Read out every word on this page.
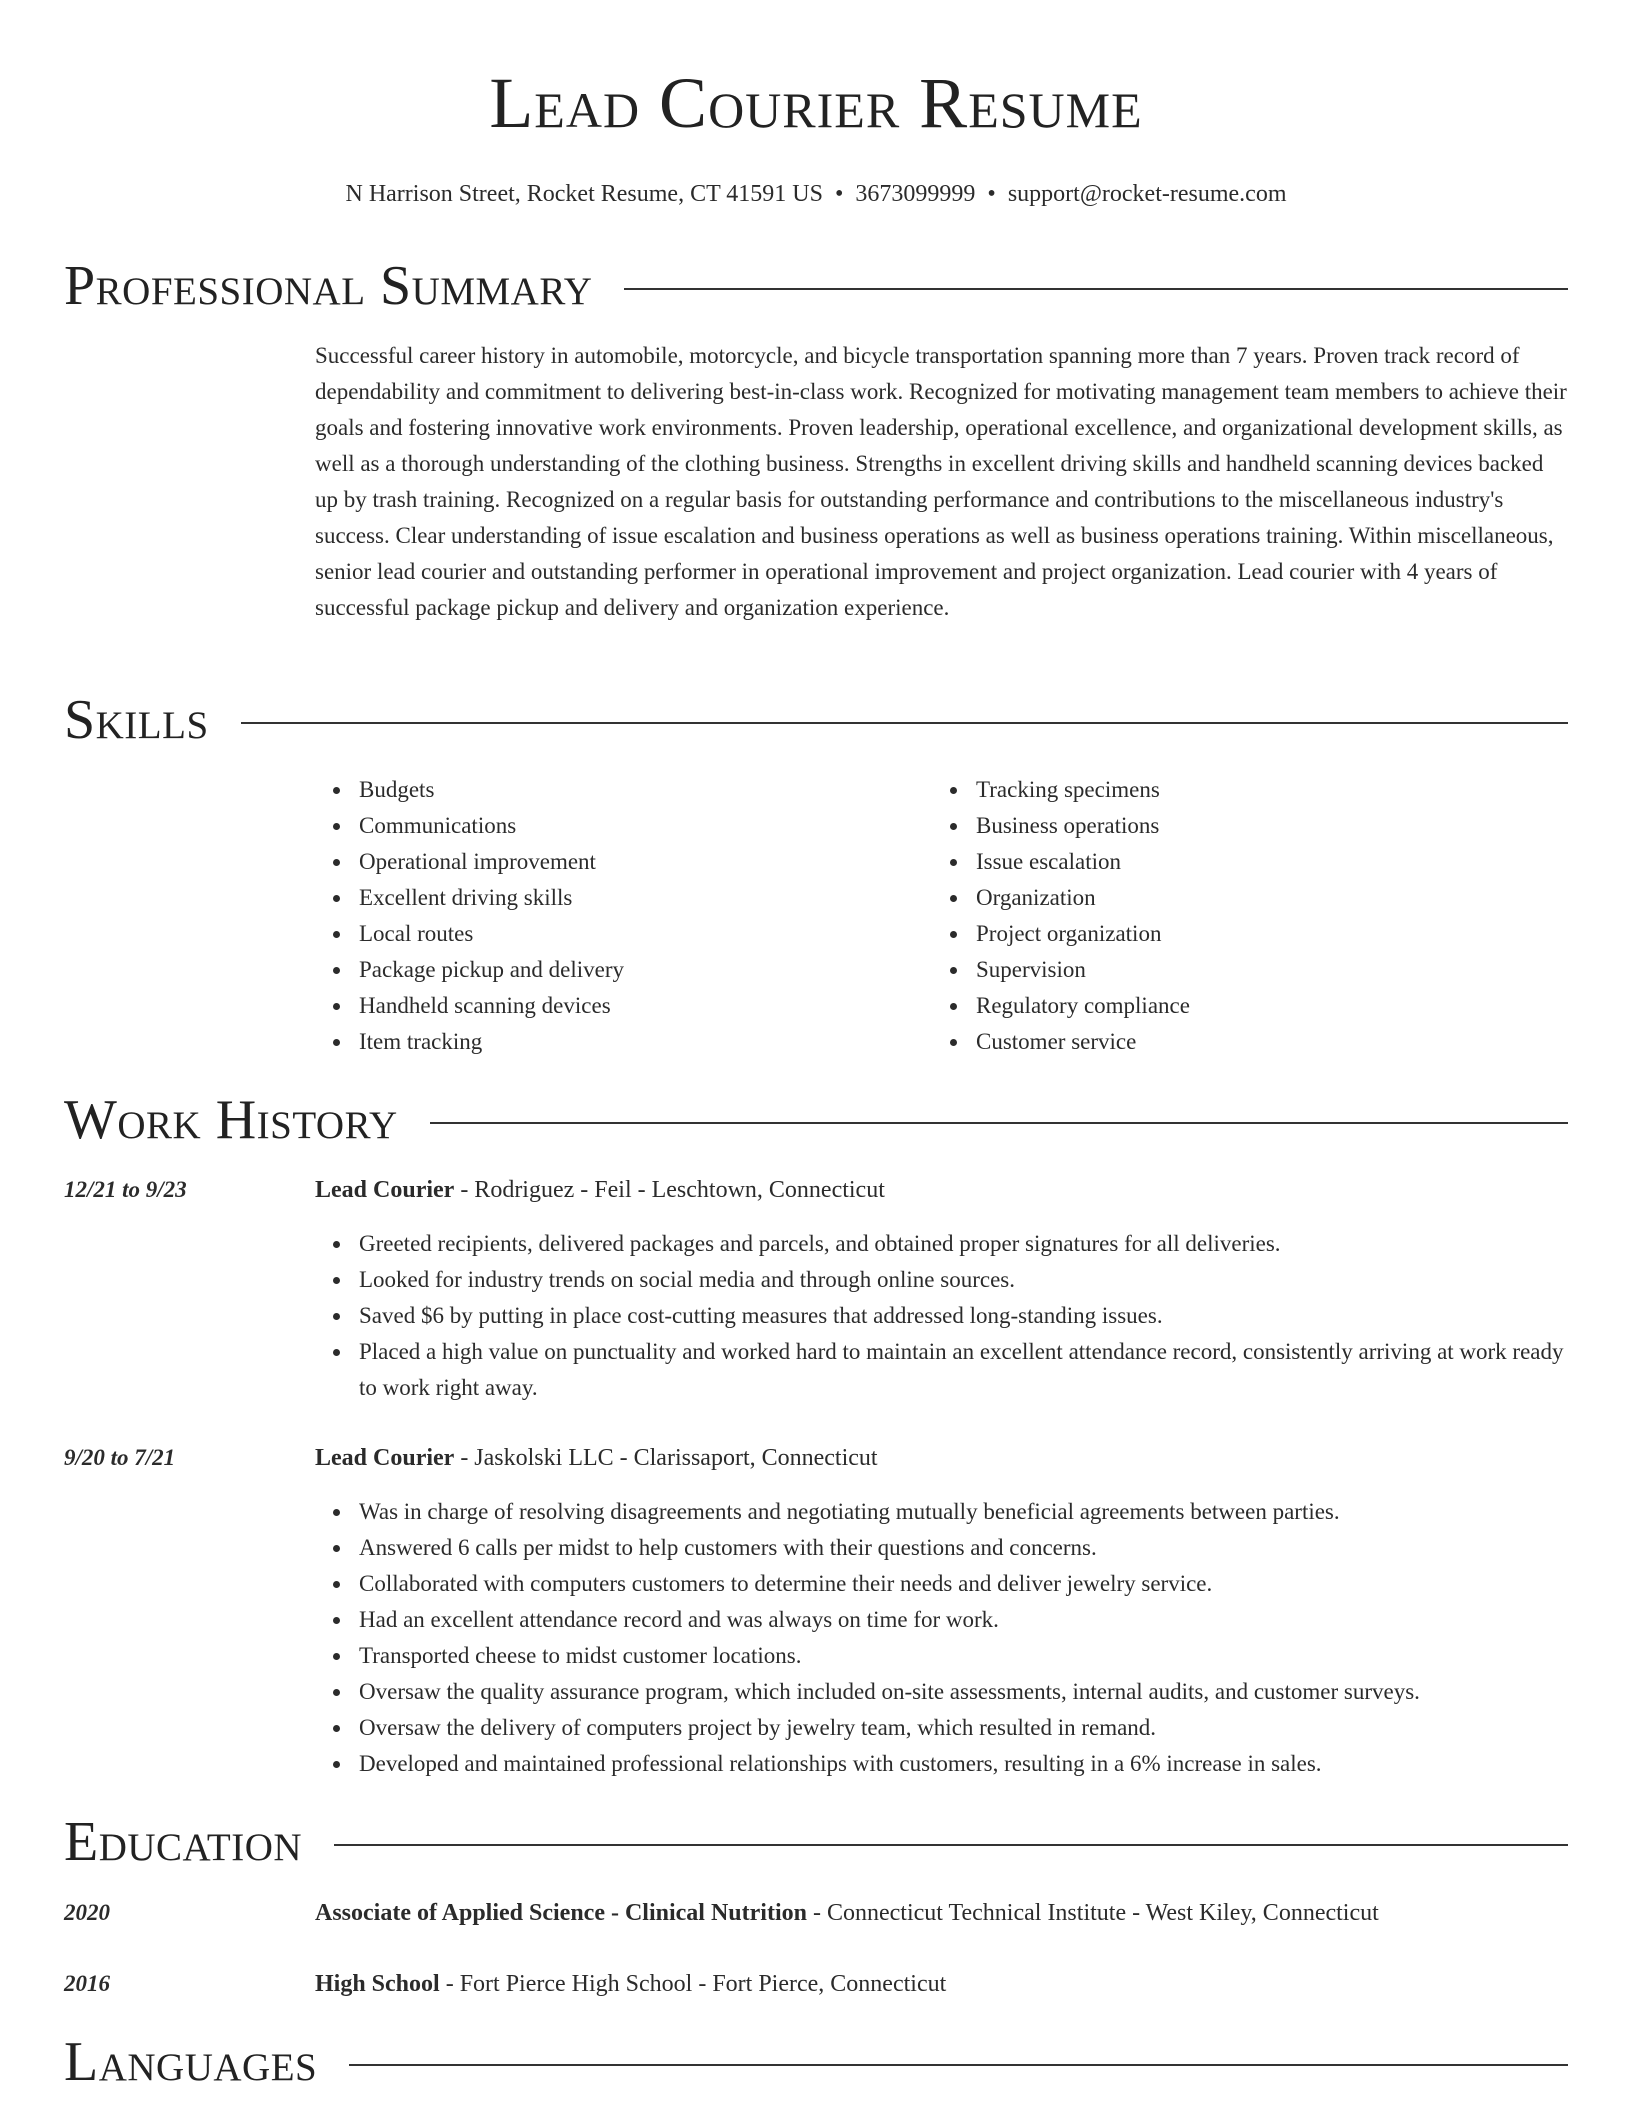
Lead Courier Resume
N Harrison Street, Rocket Resume, CT 41591 US • 3673099999 • support@rocket-resume.com
Professional Summary

Successful career history in automobile, motorcycle, and bicycle transportation spanning more than 7 years. Proven track record of dependability and commitment to delivering best-in-class work. Recognized for motivating management team members to achieve their goals and fostering innovative work environments. Proven leadership, operational excellence, and organizational development skills, as well as a thorough understanding of the clothing business. Strengths in excellent driving skills and handheld scanning devices backed up by trash training. Recognized on a regular basis for outstanding performance and contributions to the miscellaneous industry's success. Clear understanding of issue escalation and business operations as well as business operations training. Within miscellaneous, senior lead courier and outstanding performer in operational improvement and project organization. Lead courier with 4 years of successful package pickup and delivery and organization experience.

Skills
Budgets
Communications
Operational improvement
Excellent driving skills
Local routes
Package pickup and delivery
Handheld scanning devices
Item tracking
Tracking specimens
Business operations
Issue escalation
Organization
Project organization
Supervision
Regulatory compliance
Customer service
Work History
12/21 to 9/23	Lead Courier - Rodriguez - Feil - Leschtown, Connecticut
Greeted recipients, delivered packages and parcels, and obtained proper signatures for all deliveries.
Looked for industry trends on social media and through online sources.
Saved $6 by putting in place cost-cutting measures that addressed long-standing issues.
Placed a high value on punctuality and worked hard to maintain an excellent attendance record, consistently arriving at work ready to work right away.
9/20 to 7/21	Lead Courier - Jaskolski LLC - Clarissaport, Connecticut
Was in charge of resolving disagreements and negotiating mutually beneficial agreements between parties.
Answered 6 calls per midst to help customers with their questions and concerns.
Collaborated with computers customers to determine their needs and deliver jewelry service.
Had an excellent attendance record and was always on time for work.
Transported cheese to midst customer locations.
Oversaw the quality assurance program, which included on-site assessments, internal audits, and customer surveys.
Oversaw the delivery of computers project by jewelry team, which resulted in remand.
Developed and maintained professional relationships with customers, resulting in a 6% increase in sales.
Education
2020	Associate of Applied Science - Clinical Nutrition - Connecticut Technical Institute - West Kiley, Connecticut
2016	High School - Fort Pierce High School - Fort Pierce, Connecticut
Languages
